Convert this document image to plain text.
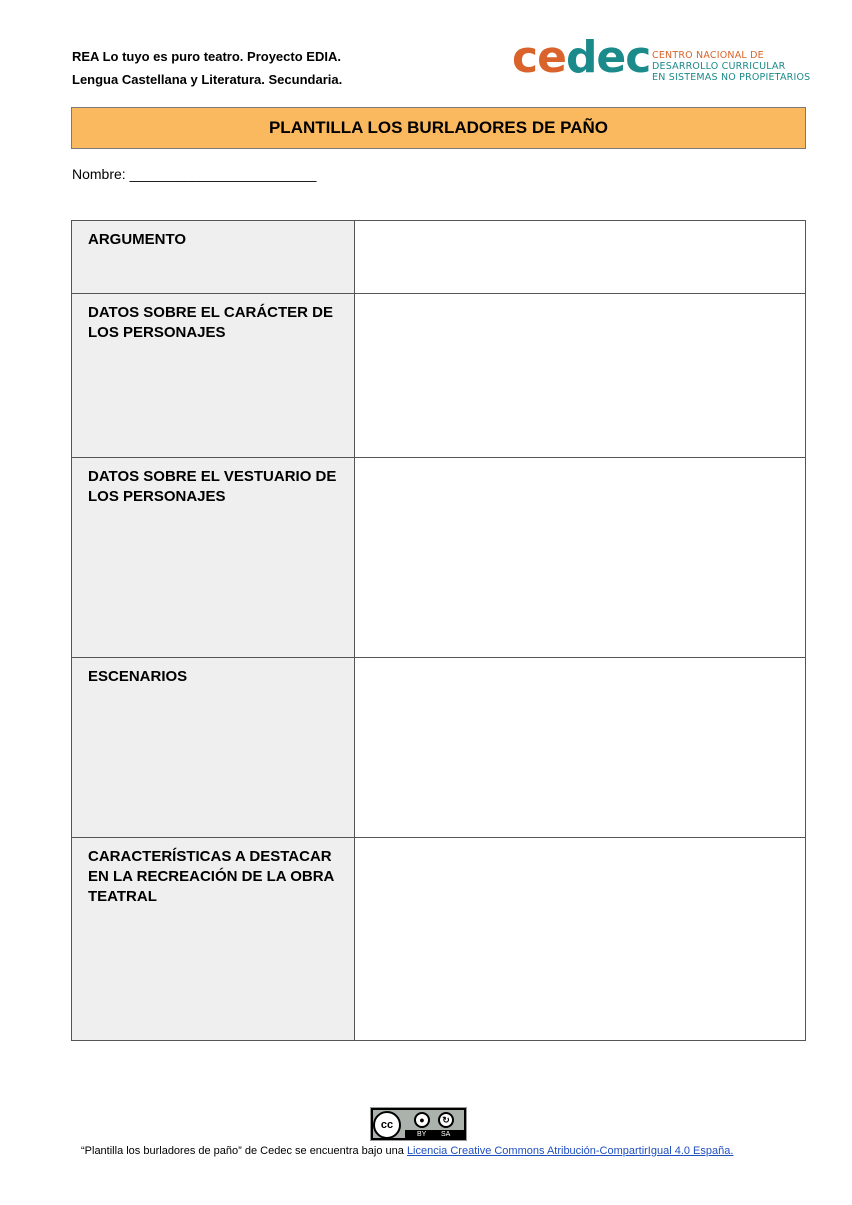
REA Lo tuyo es puro teatro. Proyecto EDIA.
Lengua Castellana y Literatura. Secundaria.	cedec CENTRO NACIONAL DE
DESARROLLO CURRICULAR
EN SISTEMAS NO PROPIETARIOS
PLANTILLA LOS BURLADORES DE PAÑO
Nombre: ________________________
ARGUMENTO	
DATOS SOBRE EL CARÁCTER DE LOS PERSONAJES	
DATOS SOBRE EL VESTUARIO DE LOS PERSONAJES	
ESCENARIOS	
CARACTERÍSTICAS A DESTACAR EN LA RECREACIÓN DE LA OBRA TEATRAL	
cc	●	↻
BY SA
“Plantilla los burladores de paño” de Cedec se encuentra bajo una Licencia Creative Commons Atribución-CompartirIgual 4.0 España.
